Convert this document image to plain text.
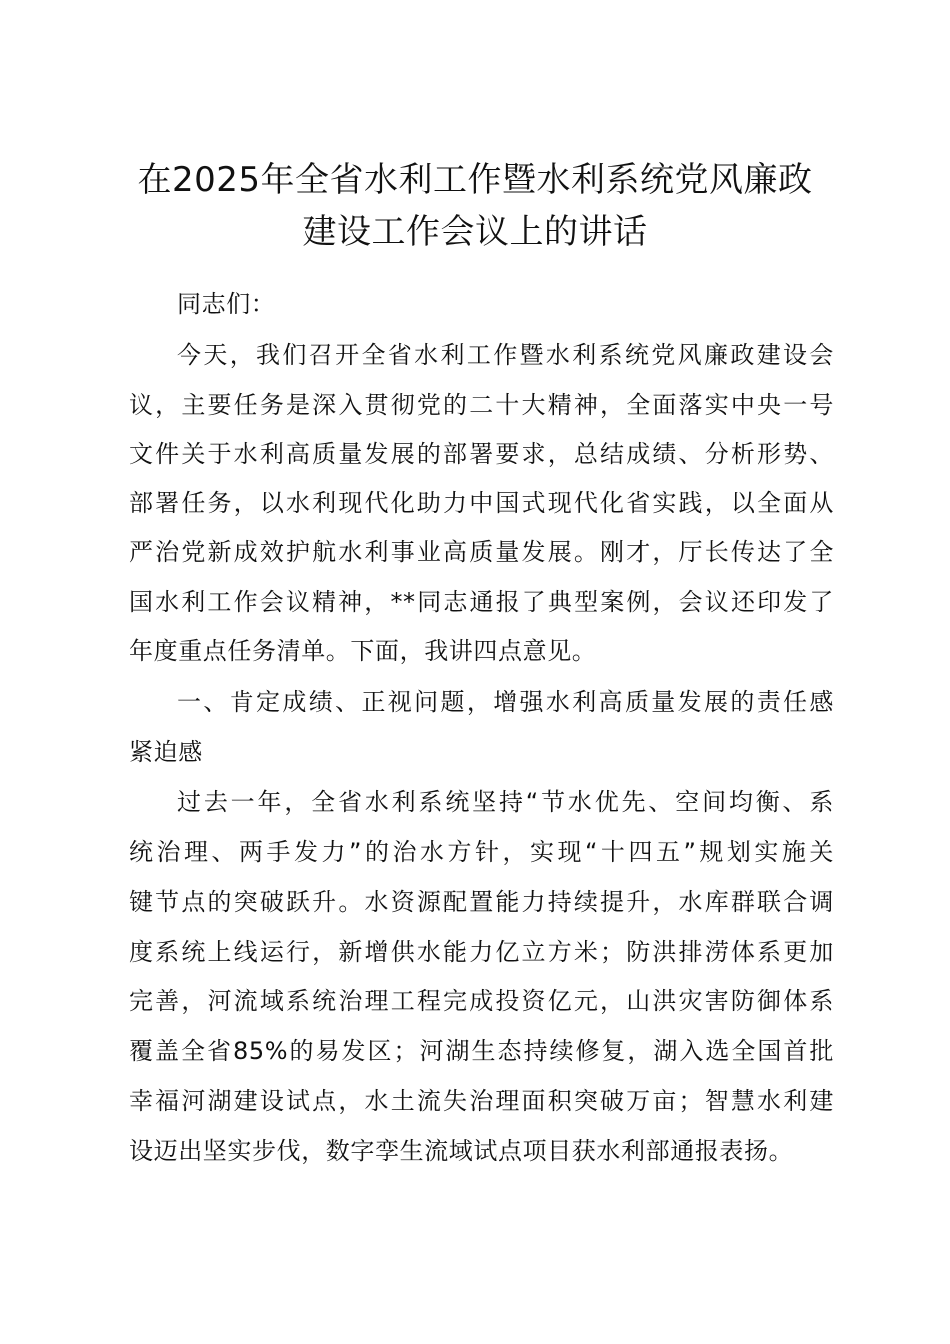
在2025年全省水利工作暨水利系统党风廉政
建设工作会议上的讲话
同志们：
今天，我们召开全省水利工作暨水利系统党风廉政建设会
议，主要任务是深入贯彻党的二十大精神，全面落实中央一号
文件关于水利高质量发展的部署要求，总结成绩、分析形势、
部署任务，以水利现代化助力中国式现代化省实践，以全面从
严治党新成效护航水利事业高质量发展。刚才，厅长传达了全
国水利工作会议精神，**同志通报了典型案例，会议还印发了
年度重点任务清单。下面，我讲四点意见。
一、肯定成绩、正视问题，增强水利高质量发展的责任感
紧迫感
过去一年，全省水利系统坚持“节水优先、空间均衡、系
统治理、两手发力”的治水方针，实现“十四五”规划实施关
键节点的突破跃升。水资源配置能力持续提升，水库群联合调
度系统上线运行，新增供水能力亿立方米；防洪排涝体系更加
完善，河流域系统治理工程完成投资亿元，山洪灾害防御体系
覆盖全省85%的易发区；河湖生态持续修复，湖入选全国首批
幸福河湖建设试点，水土流失治理面积突破万亩；智慧水利建
设迈出坚实步伐，数字孪生流域试点项目获水利部通报表扬。
